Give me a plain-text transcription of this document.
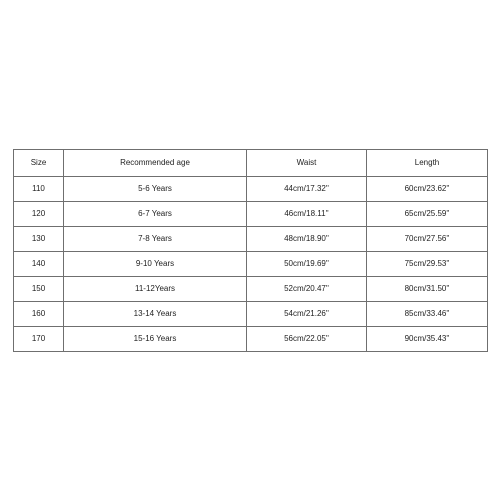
Size	Recommended age	Waist	Length
110	5-6 Years	44cm/17.32''	60cm/23.62''
120	6-7 Years	46cm/18.11''	65cm/25.59''
130	7-8 Years	48cm/18.90''	70cm/27.56''
140	9-10 Years	50cm/19.69''	75cm/29.53''
150	11-12Years	52cm/20.47''	80cm/31.50''
160	13-14 Years	54cm/21.26''	85cm/33.46''
170	15-16 Years	56cm/22.05''	90cm/35.43''
